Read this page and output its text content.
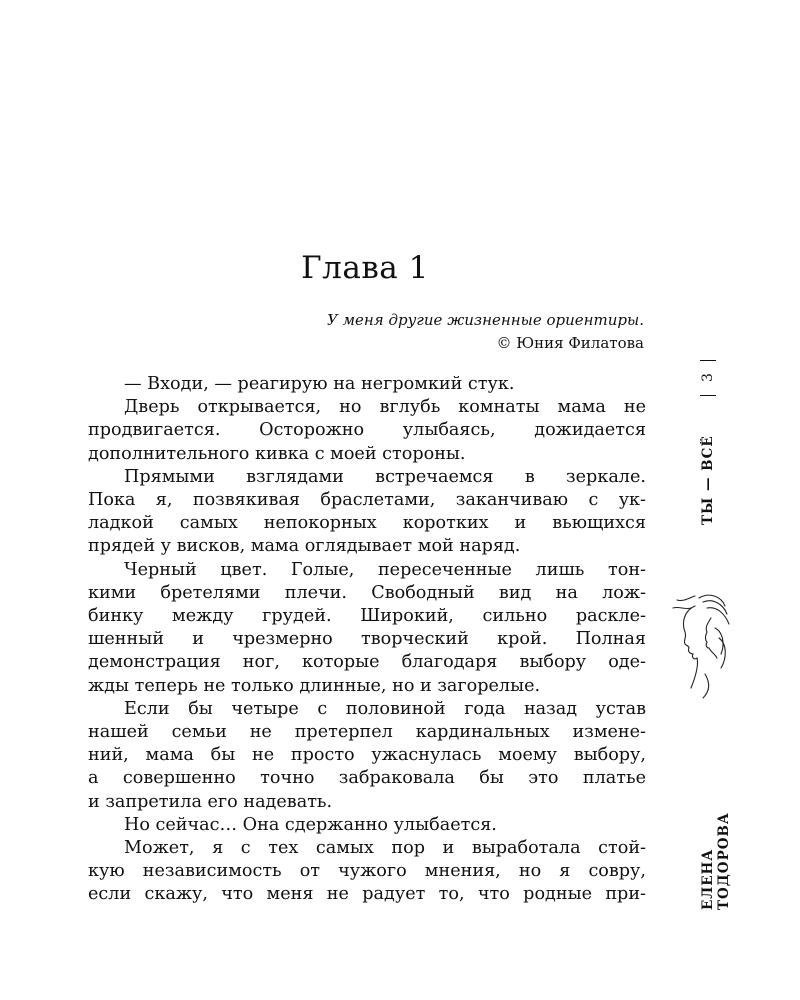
Глава 1
У меня другие жизненные ориентиры.
© Юния Филатова
— Входи, — реагирую на негромкий стук.
Дверь открывается, но вглубь комнаты мама не
продвигается. Осторожно улыбаясь, дожидается
дополнительного кивка с моей стороны.
Прямыми взглядами встречаемся в зеркале.
Пока я, позвякивая браслетами, заканчиваю с ук-
ладкой самых непокорных коротких и вьющихся
прядей у висков, мама оглядывает мой наряд.
Черный цвет. Голые, пересеченные лишь тон-
кими бретелями плечи. Свободный вид на лож-
бинку между грудей. Широкий, сильно раскле-
шенный и чрезмерно творческий крой. Полная
демонстрация ног, которые благодаря выбору оде-
жды теперь не только длинные, но и загорелые.
Если бы четыре с половиной года назад устав
нашей семьи не претерпел кардинальных измене-
ний, мама бы не просто ужаснулась моему выбору,
а совершенно точно забраковала бы это платье
и запретила его надевать.
Но сейчас… Она сдержанно улыбается.
Может, я с тех самых пор и выработала стой-
кую независимость от чужого мнения, но я совру,
если скажу, что меня не радует то, что родные при-
3
ТЫ — ВСЁ
ЕЛЕНА ТОДОРОВА
